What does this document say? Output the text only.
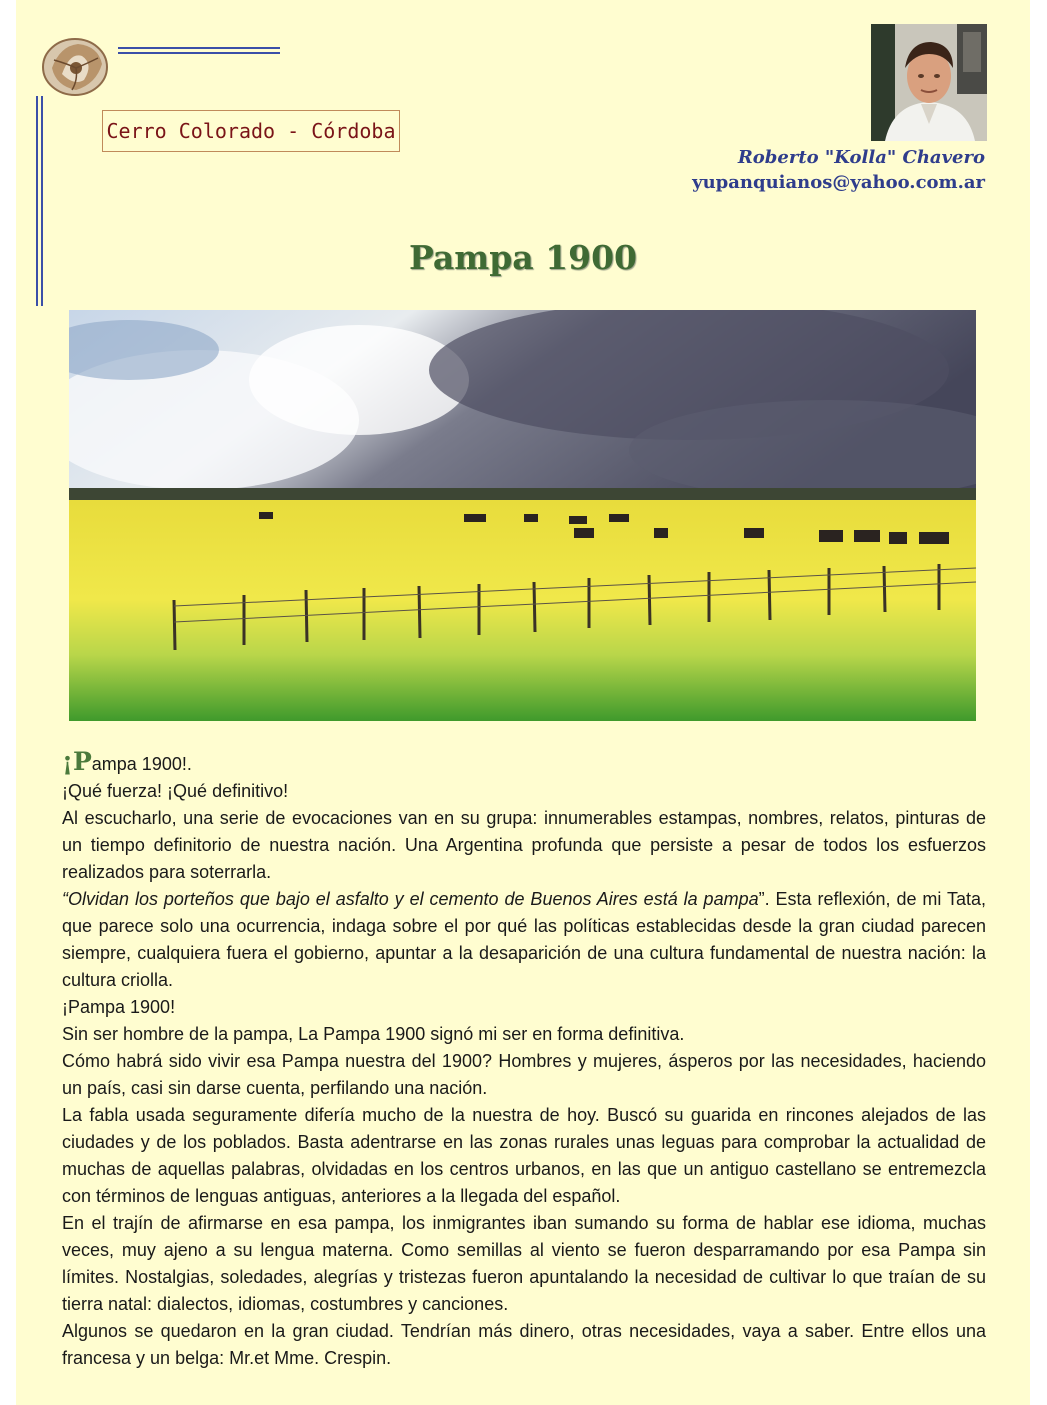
Cerro Colorado - Córdoba
Roberto "Kolla" Chavero
yupanquianos@yahoo.com.ar
Pampa 1900

¡Pampa 1900!.

¡Qué fuerza! ¡Qué definitivo!

Al escucharlo, una serie de evocaciones van en su grupa: innumerables estampas, nombres, relatos, pinturas de un tiempo definitorio de nuestra nación. Una Argentina profunda que persiste a pesar de todos los esfuerzos realizados para soterrarla.

“Olvidan los porteños que bajo el asfalto y el cemento de Buenos Aires está la pampa”. Esta reflexión, de mi Tata, que parece solo una ocurrencia, indaga sobre el por qué las políticas establecidas desde la gran ciudad parecen siempre, cualquiera fuera el gobierno, apuntar a la desaparición de una cultura fundamental de nuestra nación: la cultura criolla.

¡Pampa 1900!

Sin ser hombre de la pampa, La Pampa 1900 signó mi ser en forma definitiva.

Cómo habrá sido vivir esa Pampa nuestra del 1900? Hombres y mujeres, ásperos por las necesidades, haciendo un país, casi sin darse cuenta, perfilando una nación.

La fabla usada seguramente difería mucho de la nuestra de hoy. Buscó su guarida en rincones alejados de las ciudades y de los poblados. Basta adentrarse en las zonas rurales unas leguas para comprobar la actualidad de muchas de aquellas palabras, olvidadas en los centros urbanos, en las que un antiguo castellano se entremezcla con términos de lenguas antiguas, anteriores a la llegada del español.

En el trajín de afirmarse en esa pampa, los inmigrantes iban sumando su forma de hablar ese idioma, muchas veces, muy ajeno a su lengua materna. Como semillas al viento se fueron desparramando por esa Pampa sin límites. Nostalgias, soledades, alegrías y tristezas fueron apuntalando la necesidad de cultivar lo que traían de su tierra natal: dialectos, idiomas, costumbres y canciones.

Algunos se quedaron en la gran ciudad. Tendrían más dinero, otras necesidades, vaya a saber. Entre ellos una francesa y un belga: Mr.et Mme. Crespin.
